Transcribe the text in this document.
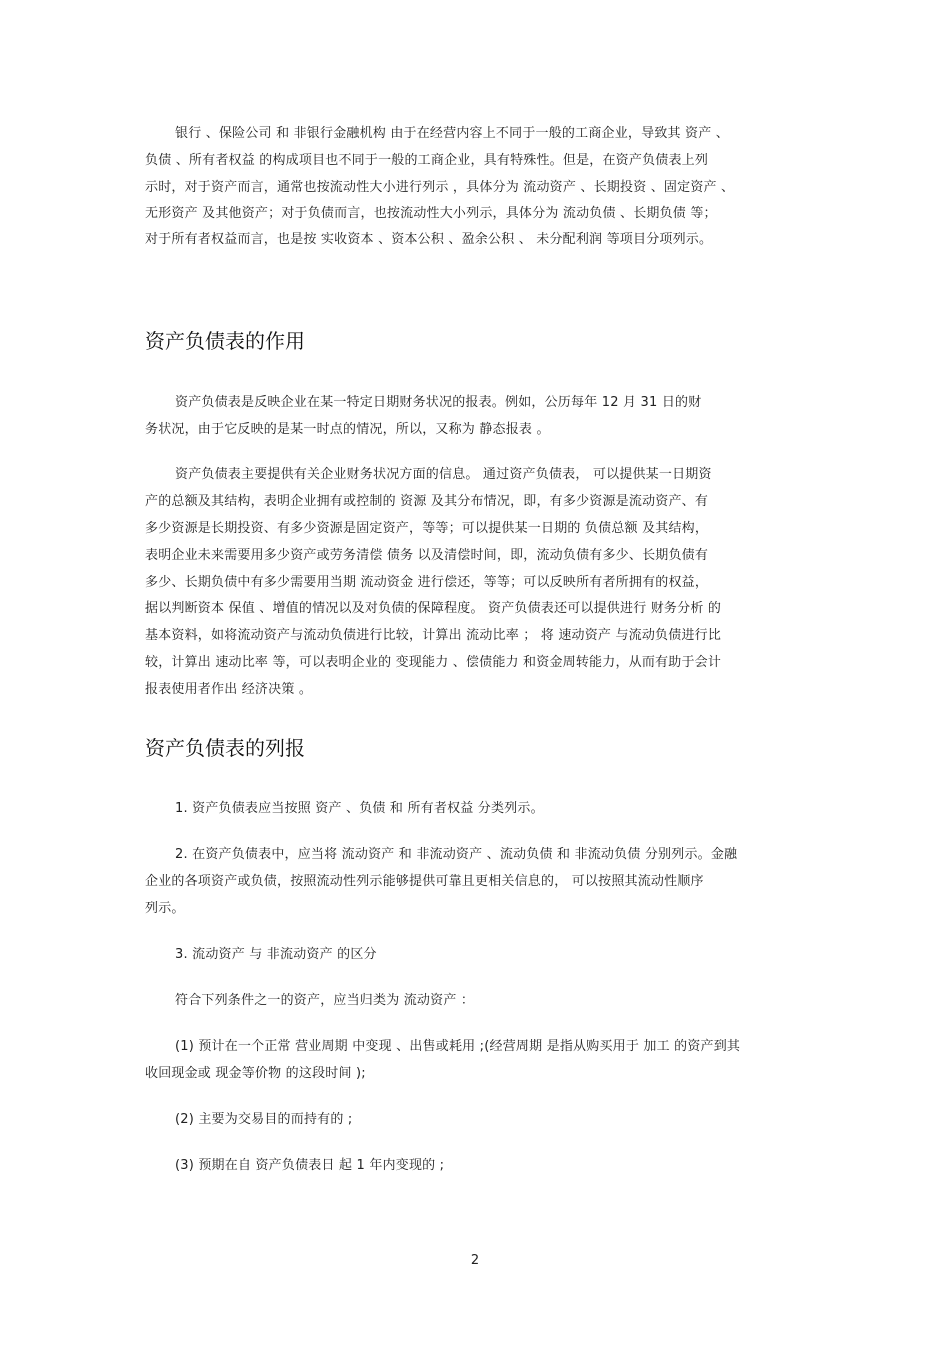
银行 、保险公司 和 非银行金融机构 由于在经营内容上不同于一般的工商企业，导致其 资产 、
负债 、所有者权益 的构成项目也不同于一般的工商企业，具有特殊性。但是，在资产负债表上列
示时，对于资产而言，通常也按流动性大小进行列示 ，具体分为 流动资产 、长期投资 、固定资产 、
无形资产 及其他资产；对于负债而言，也按流动性大小列示，具体分为 流动负债 、长期负债 等；
对于所有者权益而言，也是按 实收资本 、资本公积 、盈余公积 、 未分配利润 等项目分项列示。
资产负债表的作用
资产负债表是反映企业在某一特定日期财务状况的报表。例如，公历每年 12 月 31 日的财
务状况，由于它反映的是某一时点的情况，所以，又称为 静态报表 。
资产负债表主要提供有关企业财务状况方面的信息。 通过资产负债表， 可以提供某一日期资
产的总额及其结构，表明企业拥有或控制的 资源 及其分布情况，即，有多少资源是流动资产、有
多少资源是长期投资、有多少资源是固定资产，等等；可以提供某一日期的 负债总额 及其结构，
表明企业未来需要用多少资产或劳务清偿 债务 以及清偿时间，即，流动负债有多少、长期负债有
多少、长期负债中有多少需要用当期 流动资金 进行偿还，等等；可以反映所有者所拥有的权益，
据以判断资本 保值 、增值的情况以及对负债的保障程度。 资产负债表还可以提供进行 财务分析 的
基本资料，如将流动资产与流动负债进行比较，计算出 流动比率 ； 将 速动资产 与流动负债进行比
较，计算出 速动比率 等，可以表明企业的 变现能力 、偿债能力 和资金周转能力，从而有助于会计
报表使用者作出 经济决策 。
资产负债表的列报
1. 资产负债表应当按照 资产 、负债 和 所有者权益 分类列示。
2. 在资产负债表中，应当将 流动资产 和 非流动资产 、流动负债 和 非流动负债 分别列示。金融
企业的各项资产或负债，按照流动性列示能够提供可靠且更相关信息的， 可以按照其流动性顺序
列示。
3. 流动资产 与 非流动资产 的区分
符合下列条件之一的资产，应当归类为 流动资产 ：
(1) 预计在一个正常 营业周期 中变现 、出售或耗用 ;(经营周期 是指从购买用于 加工 的资产到其
收回现金或 现金等价物 的这段时间 );
(2) 主要为交易目的而持有的 ;
(3) 预期在自 资产负债表日 起 1 年内变现的 ;
2
